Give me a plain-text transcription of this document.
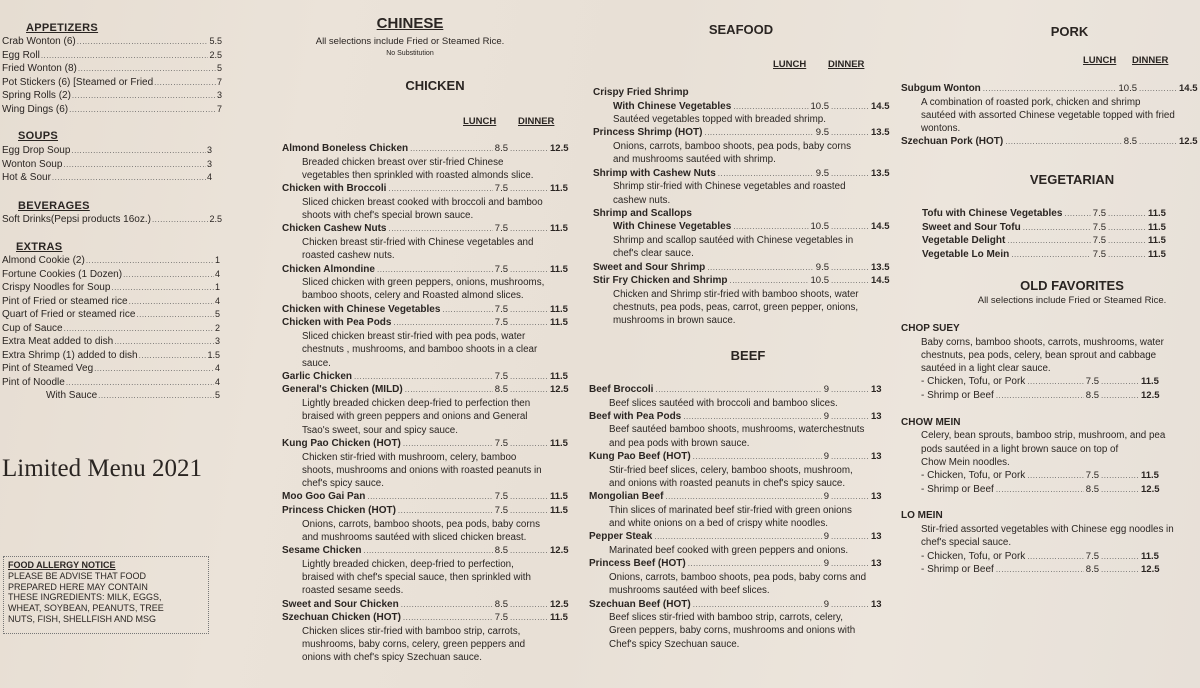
APPETIZERS
Crab Wonton (6) .....	5.5
Egg Roll .....	2.5
Fried Wonton (8) .....	5
Pot Stickers (6) [Steamed or Fried .....	7
Spring Rolls (2) .....	3
Wing Dings (6) .....	7
SOUPS
Egg Drop Soup .....	3
Wonton Soup .....	3
Hot & Sour .....	4
BEVERAGES
Soft Drinks(Pepsi products 16oz.) .....	2.5
EXTRAS
Almond Cookie (2) .....	1
Fortune Cookies (1 Dozen) .....	4
Crispy Noodles for Soup .....	1
Pint of Fried or steamed rice .....	4
Quart of Fried or steamed rice .....	5
Cup of Sauce .....	2
Extra Meat added to dish .....	3
Extra Shrimp (1) added to dish .....	1.5
Pint of Steamed Veg .....	4
Pint of Noodle .....	4
With Sauce .....	5
Limited Menu 2021
FOOD ALLERGY NOTICE
PLEASE BE ADVISE THAT FOOD
PREPARED HERE MAY CONTAIN
THESE INGREDIENTS: MILK, EGGS,
WHEAT, SOYBEAN, PEANUTS, TREE
NUTS, FISH, SHELLFISH AND MSG
CHINESE
All selections include Fried or Steamed Rice.
No Substitution
CHICKEN
LUNCH DINNER
Almond Boneless Chicken .....	8.5 .....	12.5
Breaded chicken breast over stir-fried Chinese
vegetables then sprinkled with roasted almonds slice.
Chicken with Broccoli .....	7.5 .....	11.5
Sliced chicken breast cooked with broccoli and bamboo
shoots with chef's special brown sauce.
Chicken Cashew Nuts .....	7.5 .....	11.5
Chicken breast stir-fried with Chinese vegetables and
roasted cashew nuts.
Chicken Almondine .....	7.5 .....	11.5
Sliced chicken with green peppers, onions, mushrooms,
bamboo shoots, celery and Roasted almond slices.
Chicken with Chinese Vegetables .....	7.5 .....	11.5
Chicken with Pea Pods .....	7.5 .....	11.5
Sliced chicken breast stir-fried with pea pods, water
chestnuts , mushrooms, and bamboo shoots in a clear
sauce.
Garlic Chicken .....	7.5 .....	11.5
General's Chicken (MILD) .....	8.5 .....	12.5
Lightly breaded chicken deep-fried to perfection then
braised with green peppers and onions and General
Tsao's sweet, sour and spicy sauce.
Kung Pao Chicken (HOT) .....	7.5 .....	11.5
Chicken stir-fried with mushroom, celery, bamboo
shoots, mushrooms and onions with roasted peanuts in
chef's spicy sauce.
Moo Goo Gai Pan .....	7.5 .....	11.5
Princess Chicken (HOT) .....	7.5 .....	11.5
Onions, carrots, bamboo shoots, pea pods, baby corns
and mushrooms sautéed with sliced chicken breast.
Sesame Chicken .....	8.5 .....	12.5
Lightly breaded chicken, deep-fried to perfection,
braised with chef's special sauce, then sprinkled with
roasted sesame seeds.
Sweet and Sour Chicken .....	8.5 .....	12.5
Szechuan Chicken (HOT) .....	7.5 .....	11.5
Chicken slices stir-fried with bamboo strip, carrots,
mushrooms, baby corns, celery, green peppers and
onions with chef's spicy Szechuan sauce.
SEAFOOD
LUNCH DINNER
Crispy Fried Shrimp
With Chinese Vegetables .....	10.5 .....	14.5
Sautéed vegetables topped with breaded shrimp.
Princess Shrimp (HOT) .....	9.5 .....	13.5
Onions, carrots, bamboo shoots, pea pods, baby corns
and mushrooms sautéed with shrimp.
Shrimp with Cashew Nuts .....	9.5 .....	13.5
Shrimp stir-fried with Chinese vegetables and roasted
cashew nuts.
Shrimp and Scallops
With Chinese Vegetables .....	10.5 .....	14.5
Shrimp and scallop sautéed with Chinese vegetables in
chef's clear sauce.
Sweet and Sour Shrimp .....	9.5 .....	13.5
Stir Fry Chicken and Shrimp .....	10.5 .....	14.5
Chicken and Shrimp stir-fried with bamboo shoots, water
chestnuts, pea pods, peas, carrot, green pepper, onions,
mushrooms in brown sauce.
BEEF
Beef Broccoli .....	9 .....	13
Beef slices sautéed with broccoli and bamboo slices.
Beef with Pea Pods .....	9 .....	13
Beef sautéed bamboo shoots, mushrooms, waterchestnuts
and pea pods with brown sauce.
Kung Pao Beef (HOT) .....	9 .....	13
Stir-fried beef slices, celery, bamboo shoots, mushroom,
and onions with roasted peanuts in chef's spicy sauce.
Mongolian Beef .....	9 .....	13
Thin slices of marinated beef stir-fried with green onions
and white onions on a bed of crispy white noodles.
Pepper Steak .....	9 .....	13
Marinated beef cooked with green peppers and onions.
Princess Beef (HOT) .....	9 .....	13
Onions, carrots, bamboo shoots, pea pods, baby corns and
mushrooms sautéed with beef slices.
Szechuan Beef (HOT) .....	9 .....	13
Beef slices stir-fried with bamboo strip, carrots, celery,
Green peppers, baby corns, mushrooms and onions with
Chef's spicy Szechuan sauce.
PORK
LUNCH DINNER
Subgum Wonton .....	10.5 .....	14.5
A combination of roasted pork, chicken and shrimp
sautéed with assorted Chinese vegetable topped with fried
wontons.
Szechuan Pork (HOT) .....	8.5 .....	12.5
VEGETARIAN
Tofu with Chinese Vegetables .....	7.5 .....	11.5
Sweet and Sour Tofu .....	7.5 .....	11.5
Vegetable Delight .....	7.5 .....	11.5
Vegetable Lo Mein .....	7.5 .....	11.5
OLD FAVORITES
All selections include Fried or Steamed Rice.
CHOP SUEY
Baby corns, bamboo shoots, carrots, mushrooms, water
chestnuts, pea pods, celery, bean sprout and cabbage
sautéed in a light clear sauce.
- Chicken, Tofu, or Pork .....	7.5 .....	11.5
- Shrimp or Beef .....	8.5 .....	12.5
CHOW MEIN
Celery, bean sprouts, bamboo strip, mushroom, and pea
pods sautéed in a light brown sauce on top of
Chow Mein noodles.
- Chicken, Tofu, or Pork .....	7.5 .....	11.5
- Shrimp or Beef .....	8.5 .....	12.5
LO MEIN
Stir-fried assorted vegetables with Chinese egg noodles in
chef's special sauce.
- Chicken, Tofu, or Pork .....	7.5 .....	11.5
- Shrimp or Beef .....	8.5 .....	12.5
